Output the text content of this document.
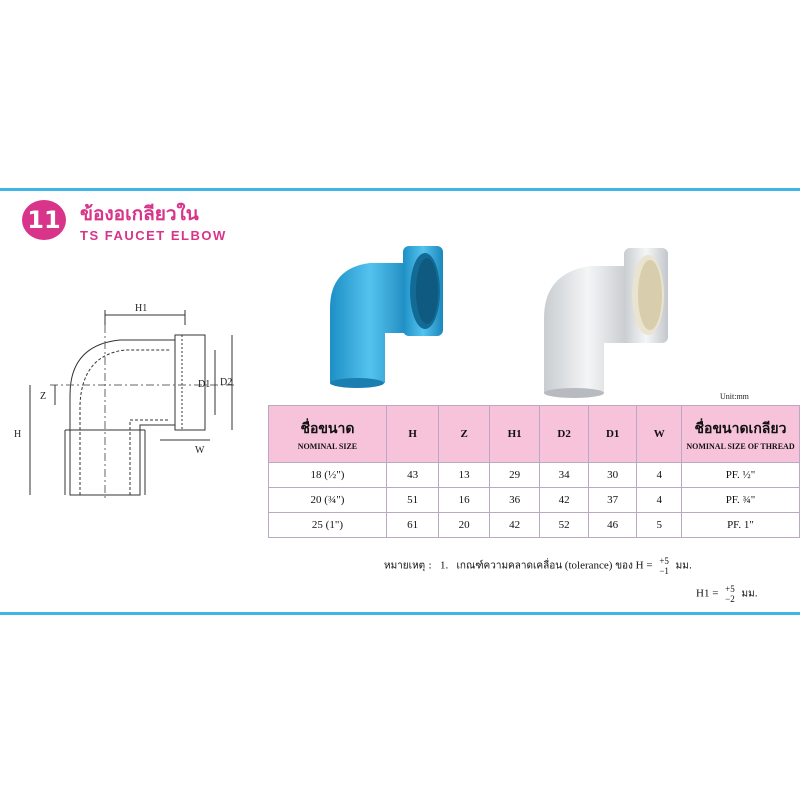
11 ข้องอเกลียวใน
TS FAUCET ELBOW
H1
D1 D2
Z
H
W
Unit:mm
ชื่อขนาด
NOMINAL SIZE	H	Z	H1	D2	D1	W	ชื่อขนาดเกลียว
NOMINAL SIZE OF THREAD

18 (½")	43	13	29	34	30	4	PF. ½"
20 (¾")	51	16	36	42	37	4	PF. ¾"
25 (1")	61	20	42	52	46	5	PF. 1"
หมายเหตุ : 1. เกณฑ์ความคลาดเคลื่อน (tolerance) ของ H = +5
−1 มม.
H1 = +5
−2 มม.
